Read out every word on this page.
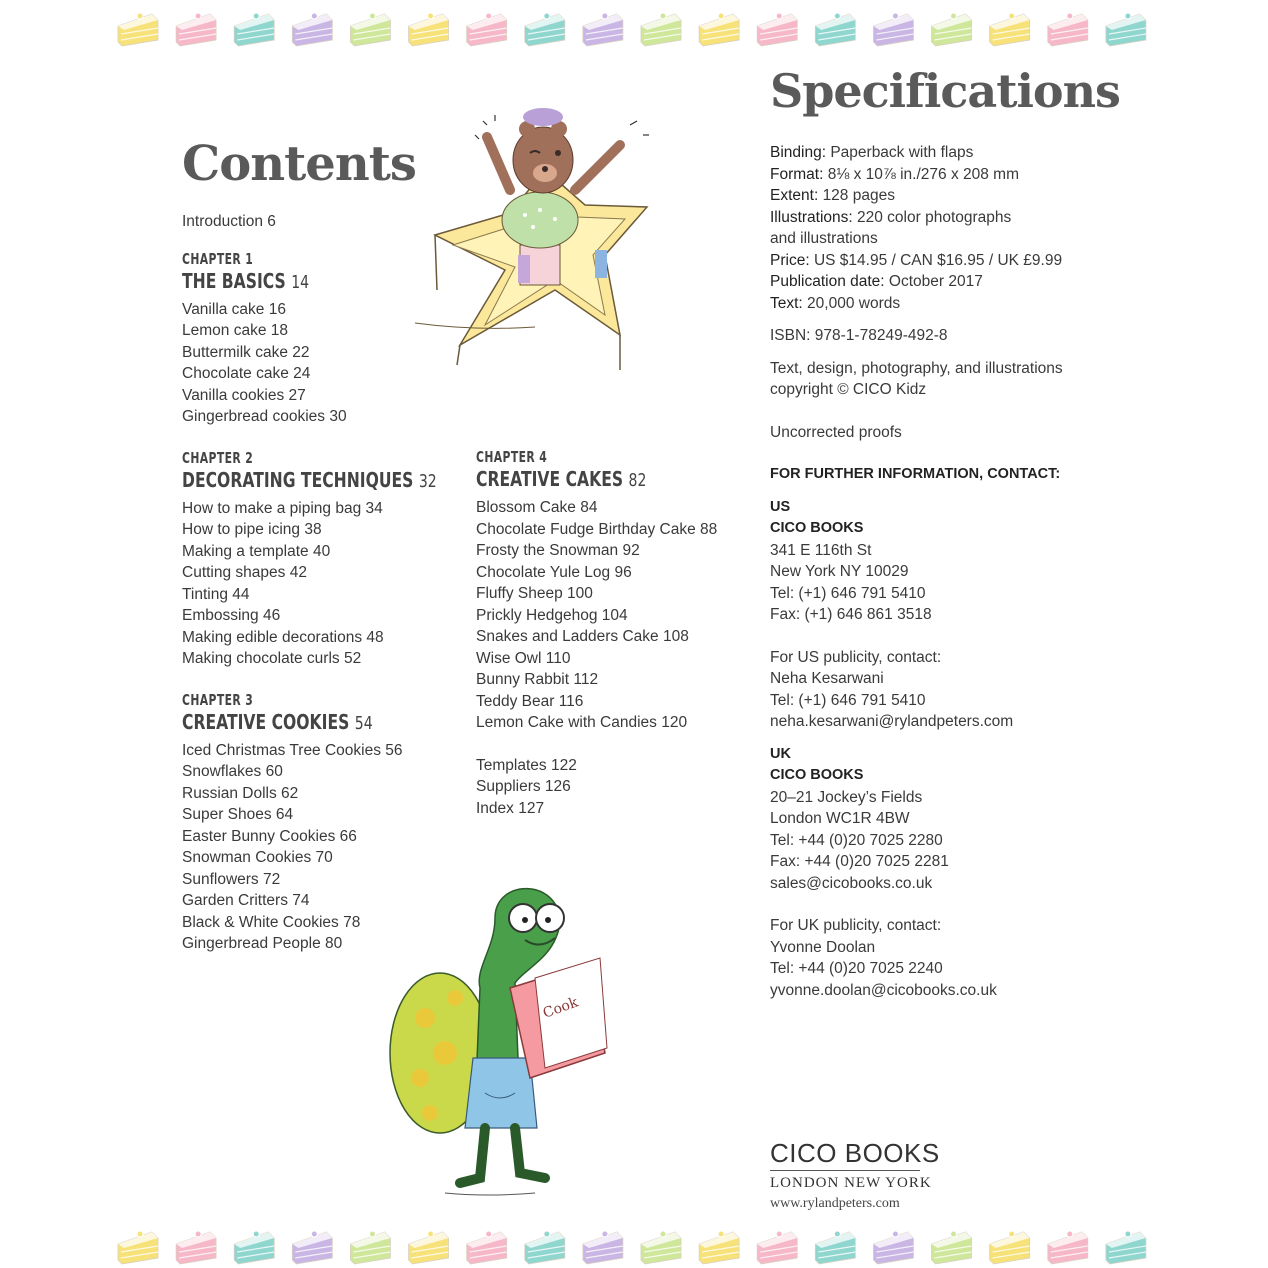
Cook
Contents
Introduction 6
CHAPTER 1
THE BASICS 14
Vanilla cake 16
Lemon cake 18
Buttermilk cake 22
Chocolate cake 24
Vanilla cookies 27
Gingerbread cookies 30
CHAPTER 2
DECORATING TECHNIQUES 32
How to make a piping bag 34
How to pipe icing 38
Making a template 40
Cutting shapes 42
Tinting 44
Embossing 46
Making edible decorations 48
Making chocolate curls 52
CHAPTER 3
CREATIVE COOKIES 54
Iced Christmas Tree Cookies 56
Snowflakes 60
Russian Dolls 62
Super Shoes 64
Easter Bunny Cookies 66
Snowman Cookies 70
Sunflowers 72
Garden Critters 74
Black & White Cookies 78
Gingerbread People 80
CHAPTER 4
CREATIVE CAKES 82
Blossom Cake 84
Chocolate Fudge Birthday Cake 88
Frosty the Snowman 92
Chocolate Yule Log 96
Fluffy Sheep 100
Prickly Hedgehog 104
Snakes and Ladders Cake 108
Wise Owl 110
Bunny Rabbit 112
Teddy Bear 116
Lemon Cake with Candies 120
Templates 122
Suppliers 126
Index 127
Specifications
Binding: Paperback with flaps
Format: 8⅛ x 10⅞ in./276 x 208 mm
Extent: 128 pages
Illustrations: 220 color photographs
and illustrations
Price: US $14.95 / CAN $16.95 / UK £9.99
Publication date: October 2017
Text: 20,000 words
ISBN: 978-1-78249-492-8
Text, design, photography, and illustrations
copyright © CICO Kidz
Uncorrected proofs
FOR FURTHER INFORMATION, CONTACT:
US
CICO BOOKS
341 E 116th St
New York NY 10029
Tel: (+1) 646 791 5410
Fax: (+1) 646 861 3518
For US publicity, contact:
Neha Kesarwani
Tel: (+1) 646 791 5410
neha.kesarwani@rylandpeters.com
UK
CICO BOOKS
20–21 Jockey’s Fields
London WC1R 4BW
Tel: +44 (0)20 7025 2280
Fax: +44 (0)20 7025 2281
sales@cicobooks.co.uk
For UK publicity, contact:
Yvonne Doolan
Tel: +44 (0)20 7025 2240
yvonne.doolan@cicobooks.co.uk
CICO BOOKS
LONDON NEW YORK
www.rylandpeters.com
